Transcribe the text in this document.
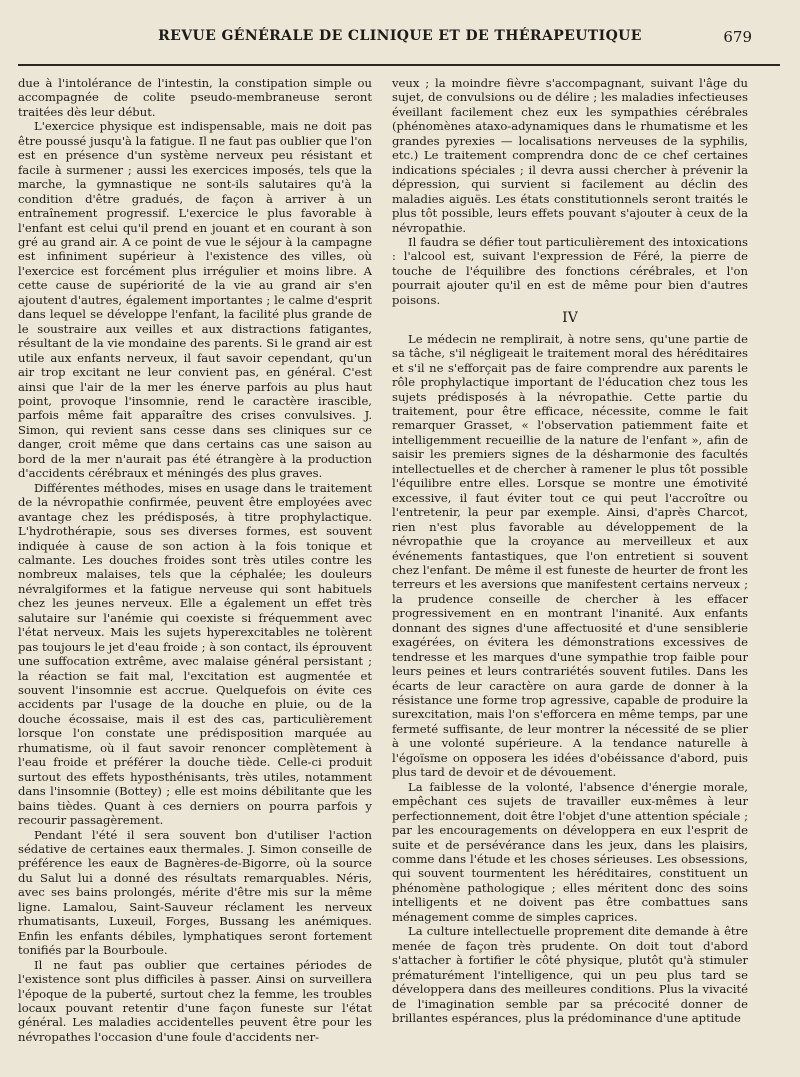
REVUE GÉNÉRALE DE CLINIQUE ET DE THÉRAPEUTIQUE	679

due à l'intolérance de l'intestin, la constipation simple ou accompagnée de colite pseudo-membraneuse seront traitées dès leur début.

L'exercice physique est indispensable, mais ne doit pas être poussé jusqu'à la fatigue. Il ne faut pas oublier que l'on est en présence d'un système nerveux peu résistant et facile à surmener ; aussi les exercices imposés, tels que la marche, la gymnastique ne sont-ils salutaires qu'à la condition d'être gradués, de façon à arriver à un entraînement progressif. L'exercice le plus favorable à l'enfant est celui qu'il prend en jouant et en courant à son gré au grand air. A ce point de vue le séjour à la campagne est infiniment supérieur à l'existence des villes, où l'exercice est forcément plus irrégulier et moins libre. A cette cause de supériorité de la vie au grand air s'en ajoutent d'autres, également importantes ; le calme d'esprit dans lequel se développe l'enfant, la facilité plus grande de le soustraire aux veilles et aux distractions fatigantes, résultant de la vie mondaine des parents. Si le grand air est utile aux enfants nerveux, il faut savoir cependant, qu'un air trop excitant ne leur convient pas, en général. C'est ainsi que l'air de la mer les énerve parfois au plus haut point, provoque l'insomnie, rend le caractère irascible, parfois même fait apparaître des crises convulsives. J. Simon, qui revient sans cesse dans ses cliniques sur ce danger, croit même que dans certains cas une saison au bord de la mer n'aurait pas été étrangère à la production d'accidents cérébraux et méningés des plus graves.

Différentes méthodes, mises en usage dans le traitement de la névropathie confirmée, peuvent être employées avec avantage chez les prédisposés, à titre prophylactique. L'hydrothérapie, sous ses diverses formes, est souvent indiquée à cause de son action à la fois tonique et calmante. Les douches froides sont très utiles contre les nombreux malaises, tels que la céphalée; les douleurs névralgiformes et la fatigue nerveuse qui sont habituels chez les jeunes nerveux. Elle a également un effet très salutaire sur l'anémie qui coexiste si fréquemment avec l'état nerveux. Mais les sujets hyperexcitables ne tolèrent pas toujours le jet d'eau froide ; à son contact, ils éprouvent une suffocation extrême, avec malaise général persistant ; la réaction se fait mal, l'excitation est augmentée et souvent l'insomnie est accrue. Quelquefois on évite ces accidents par l'usage de la douche en pluie, ou de la douche écossaise, mais il est des cas, particulièrement lorsque l'on constate une prédisposition marquée au rhumatisme, où il faut savoir renoncer complètement à l'eau froide et préférer la douche tiède. Celle-ci produit surtout des effets hyposthénisants, très utiles, notamment dans l'insomnie (Bottey) ; elle est moins débilitante que les bains tièdes. Quant à ces derniers on pourra parfois y recourir passagèrement.

Pendant l'été il sera souvent bon d'utiliser l'action sédative de certaines eaux thermales. J. Simon conseille de préférence les eaux de Bagnères-de-Bigorre, où la source du Salut lui a donné des résultats remarquables. Néris, avec ses bains prolongés, mérite d'être mis sur la même ligne. Lamalou, Saint-Sauveur réclament les nerveux rhumatisants, Luxeuil, Forges, Bussang les anémiques. Enfin les enfants débiles, lymphatiques seront fortement tonifiés par la Bourboule.

Il ne faut pas oublier que certaines périodes de l'existence sont plus difficiles à passer. Ainsi on surveillera l'époque de la puberté, surtout chez la femme, les troubles locaux pouvant retentir d'une façon funeste sur l'état général. Les maladies accidentelles peuvent être pour les névropathes l'occasion d'une foule d'accidents ner-

veux ; la moindre fièvre s'accompagnant, suivant l'âge du sujet, de convulsions ou de délire ; les maladies infectieuses éveillant facilement chez eux les sympathies cérébrales (phénomènes ataxo-adynamiques dans le rhumatisme et les grandes pyrexies — localisations nerveuses de la syphilis, etc.) Le traitement comprendra donc de ce chef certaines indications spéciales ; il devra aussi chercher à prévenir la dépression, qui survient si facilement au déclin des maladies aiguës. Les états constitutionnels seront traités le plus tôt possible, leurs effets pouvant s'ajouter à ceux de la névropathie.

Il faudra se défier tout particulièrement des intoxications : l'alcool est, suivant l'expression de Féré, la pierre de touche de l'équilibre des fonctions cérébrales, et l'on pourrait ajouter qu'il en est de même pour bien d'autres poisons.

IV

Le médecin ne remplirait, à notre sens, qu'une partie de sa tâche, s'il négligeait le traitement moral des héréditaires et s'il ne s'efforçait pas de faire comprendre aux parents le rôle prophylactique important de l'éducation chez tous les sujets prédisposés à la névropathie. Cette partie du traitement, pour être efficace, nécessite, comme le fait remarquer Grasset, « l'observation patiemment faite et intelligemment recueillie de la nature de l'enfant », afin de saisir les premiers signes de la désharmonie des facultés intellectuelles et de chercher à ramener le plus tôt possible l'équilibre entre elles. Lorsque se montre une émotivité excessive, il faut éviter tout ce qui peut l'accroître ou l'entretenir, la peur par exemple. Ainsi, d'après Charcot, rien n'est plus favorable au développement de la névropathie que la croyance au merveilleux et aux événements fantastiques, que l'on entretient si souvent chez l'enfant. De même il est funeste de heurter de front les terreurs et les aversions que manifestent certains nerveux ; la prudence conseille de chercher à les effacer progressivement en en montrant l'inanité. Aux enfants donnant des signes d'une affectuosité et d'une sensiblerie exagérées, on évitera les démonstrations excessives de tendresse et les marques d'une sympathie trop faible pour leurs peines et leurs contrariétés souvent futiles. Dans les écarts de leur caractère on aura garde de donner à la résistance une forme trop agressive, capable de produire la surexcitation, mais l'on s'efforcera en même temps, par une fermeté suffisante, de leur montrer la nécessité de se plier à une volonté supérieure. A la tendance naturelle à l'égoïsme on opposera les idées d'obéissance d'abord, puis plus tard de devoir et de dévouement.

La faiblesse de la volonté, l'absence d'énergie morale, empêchant ces sujets de travailler eux-mêmes à leur perfectionnement, doit être l'objet d'une attention spéciale ; par les encouragements on développera en eux l'esprit de suite et de persévérance dans les jeux, dans les plaisirs, comme dans l'étude et les choses sérieuses. Les obsessions, qui souvent tourmentent les héréditaires, constituent un phénomène pathologique ; elles méritent donc des soins intelligents et ne doivent pas être combattues sans ménagement comme de simples caprices.

La culture intellectuelle proprement dite demande à être menée de façon très prudente. On doit tout d'abord s'attacher à fortifier le côté physique, plutôt qu'à stimuler prématurément l'intelligence, qui un peu plus tard se développera dans des meilleures conditions. Plus la vivacité de l'imagination semble par sa précocité donner de brillantes espérances, plus la prédominance d'une aptitude
